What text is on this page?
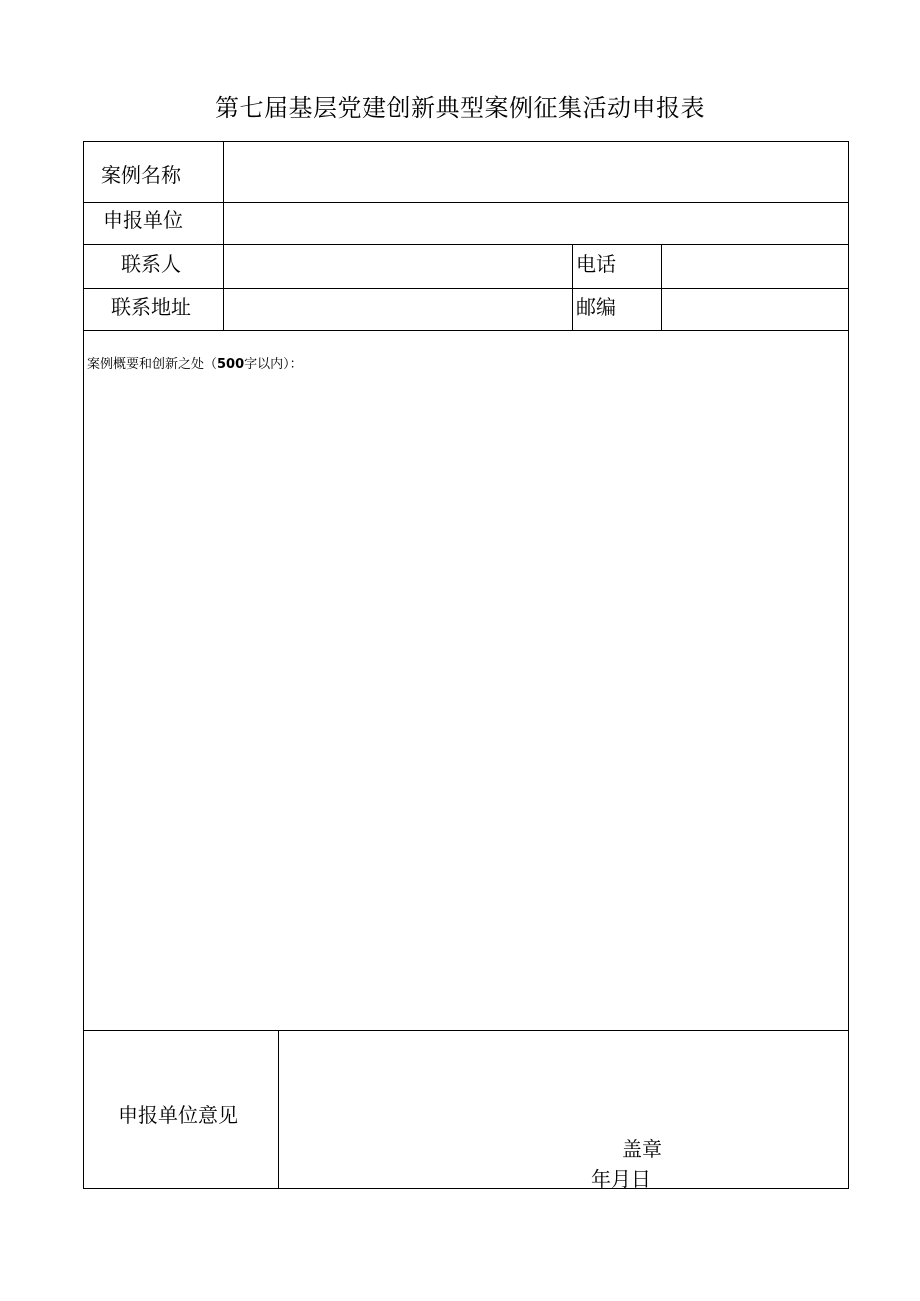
第七届基层党建创新典型案例征集活动申报表
案例名称
申报单位
联系人	电话
联系地址	邮编
案例概要和创新之处（500字以内）：
申报单位意见
盖章
年月日
